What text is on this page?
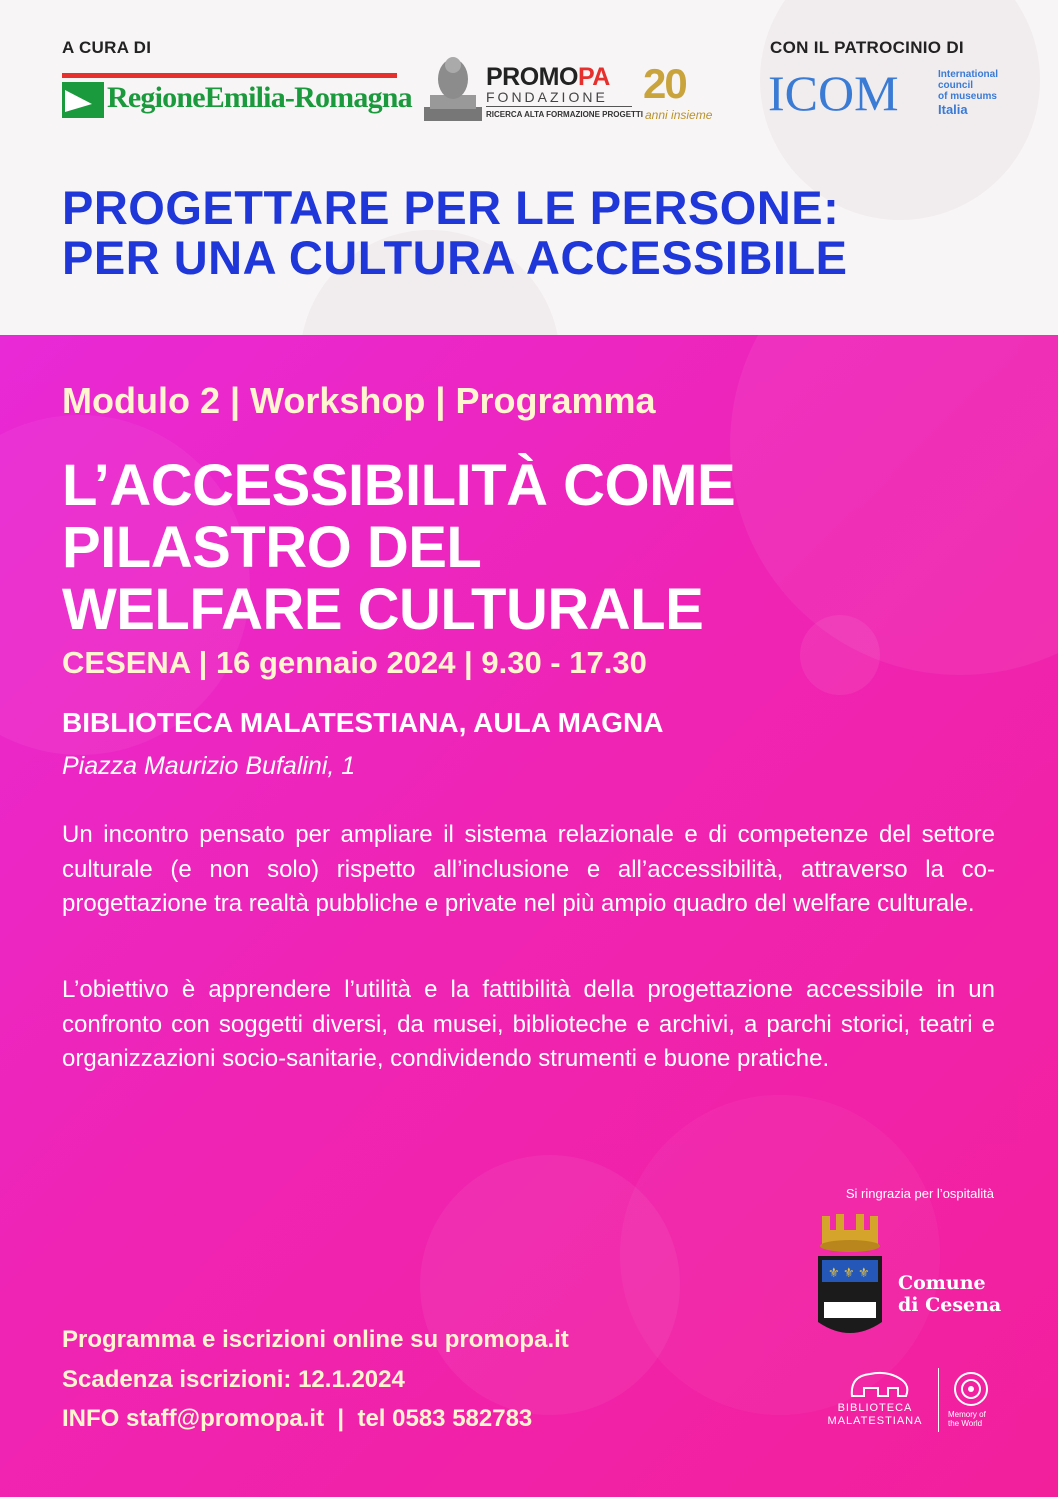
A CURA DI
RegioneEmilia-Romagna
PROMOPA
FONDAZIONE
RICERCA ALTA FORMAZIONE PROGETTI
20
anni insieme
CON IL PATROCINIO DI
ICOM	International
council
of museums
Italia
PROGETTARE PER LE PERSONE:
PER UNA CULTURA ACCESSIBILE
Modulo 2 | Workshop | Programma
L’ACCESSIBILITÀ COME
PILASTRO DEL
WELFARE CULTURALE
CESENA | 16 gennaio 2024 | 9.30 - 17.30
BIBLIOTECA MALATESTIANA, AULA MAGNA
Piazza Maurizio Bufalini, 1
Un incontro pensato per ampliare il sistema relazionale e di competenze del settore culturale (e non solo) rispetto all’inclusione e all’accessibilità, attraverso la co-progettazione tra realtà pubbliche e private nel più ampio quadro del welfare culturale.
L’obiettivo è apprendere l’utilità e la fattibilità della progettazione accessibile in un confronto con soggetti diversi, da musei, biblioteche e archivi, a parchi storici, teatri e organizzazioni socio-sanitarie, condividendo strumenti e buone pratiche.
Si ringrazia per l’ospitalità
⚜ ⚜ ⚜ Comune
di Cesena
BIBLIOTECA
MALATESTIANA
Memory of
the World
Programma e iscrizioni online su promopa.it
Scadenza iscrizioni: 12.1.2024
INFO staff@promopa.it  |  tel 0583 582783
